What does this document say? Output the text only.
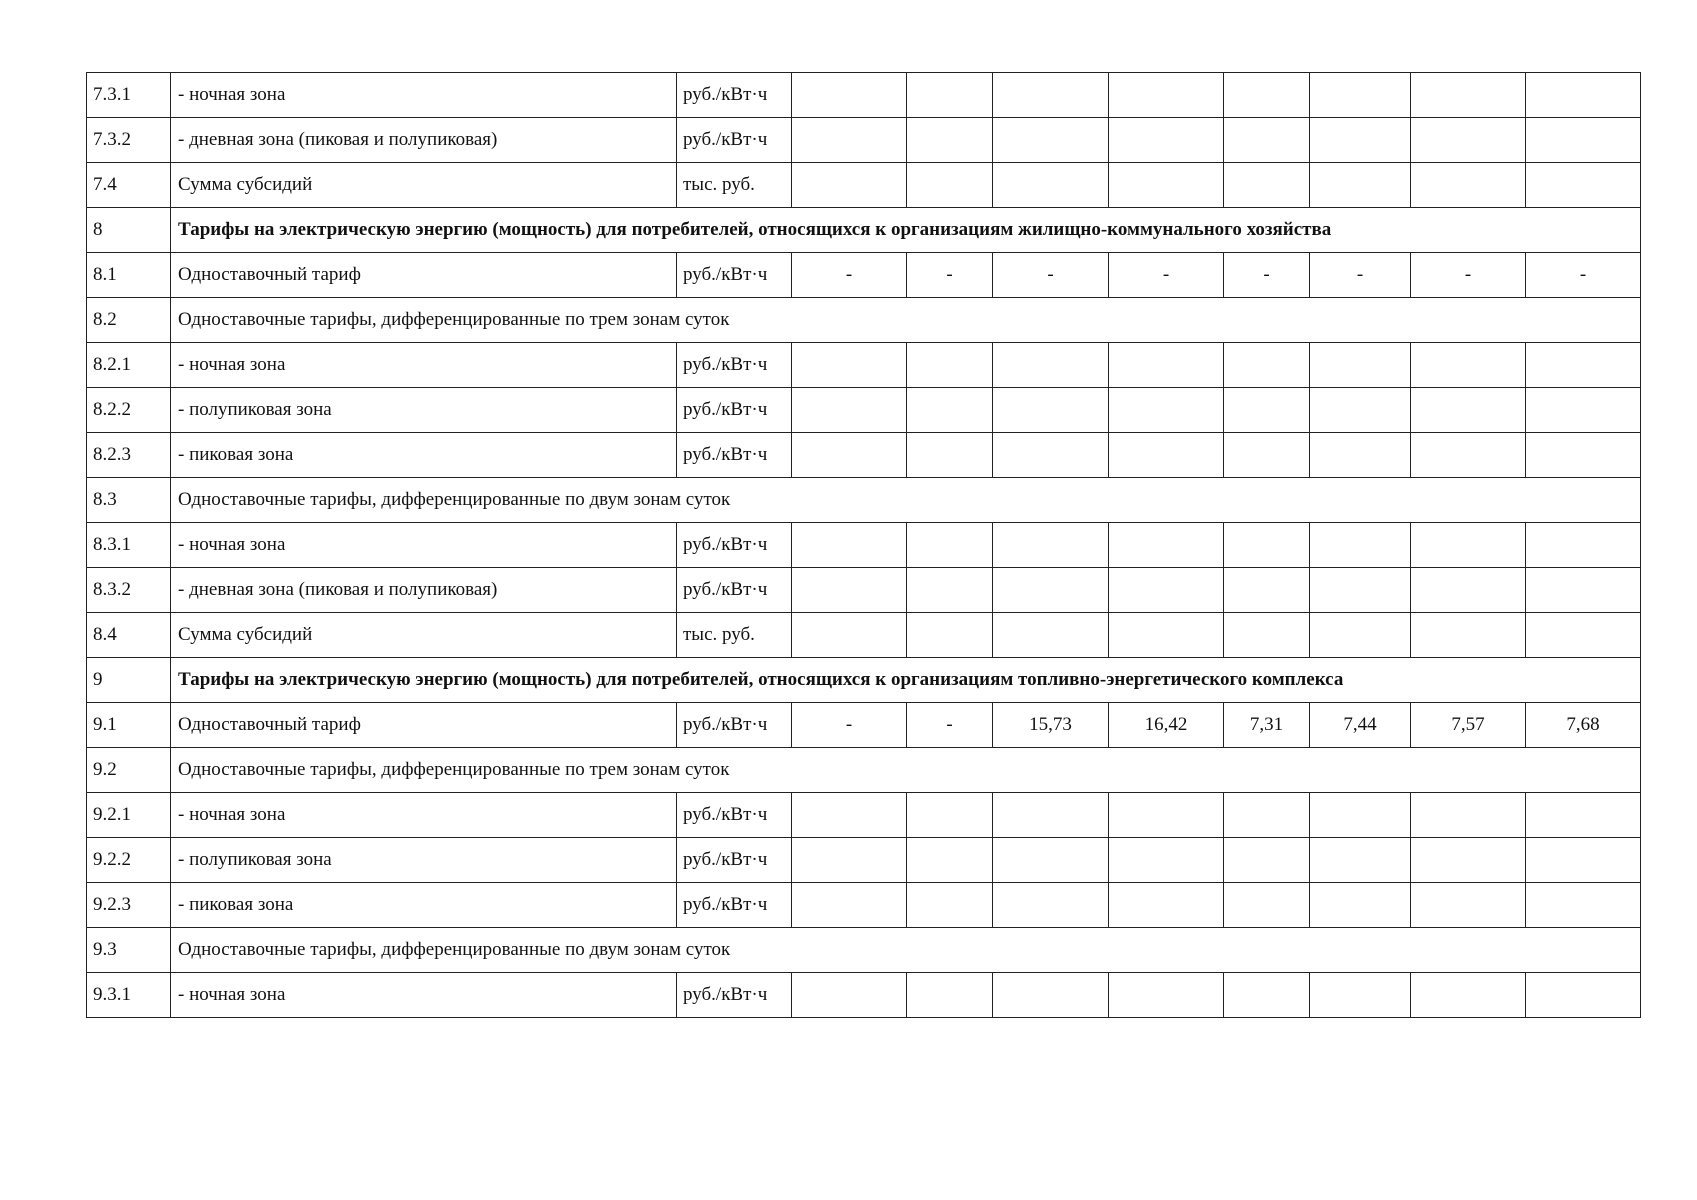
7.3.1	- ночная зона	руб./кВт·ч								
7.3.2	- дневная зона (пиковая и полупиковая)	руб./кВт·ч								
7.4	Сумма субсидий	тыс. руб.								
8	Тарифы на электрическую энергию (мощность) для потребителей, относящихся к организациям жилищно-коммунального хозяйства									
8.1	Одноставочный тариф	руб./кВт·ч	-	-	-	-	-	-	-	-
8.2	Одноставочные тарифы, дифференцированные по трем зонам суток									
8.2.1	- ночная зона	руб./кВт·ч								
8.2.2	- полупиковая зона	руб./кВт·ч								
8.2.3	- пиковая зона	руб./кВт·ч								
8.3	Одноставочные тарифы, дифференцированные по двум зонам суток									
8.3.1	- ночная зона	руб./кВт·ч								
8.3.2	- дневная зона (пиковая и полупиковая)	руб./кВт·ч								
8.4	Сумма субсидий	тыс. руб.								
9	Тарифы на электрическую энергию (мощность) для потребителей, относящихся к организациям топливно-энергетического комплекса									
9.1	Одноставочный тариф	руб./кВт·ч	-	-	15,73	16,42	7,31	7,44	7,57	7,68
9.2	Одноставочные тарифы, дифференцированные по трем зонам суток									
9.2.1	- ночная зона	руб./кВт·ч								
9.2.2	- полупиковая зона	руб./кВт·ч								
9.2.3	- пиковая зона	руб./кВт·ч								
9.3	Одноставочные тарифы, дифференцированные по двум зонам суток									
9.3.1	- ночная зона	руб./кВт·ч								
